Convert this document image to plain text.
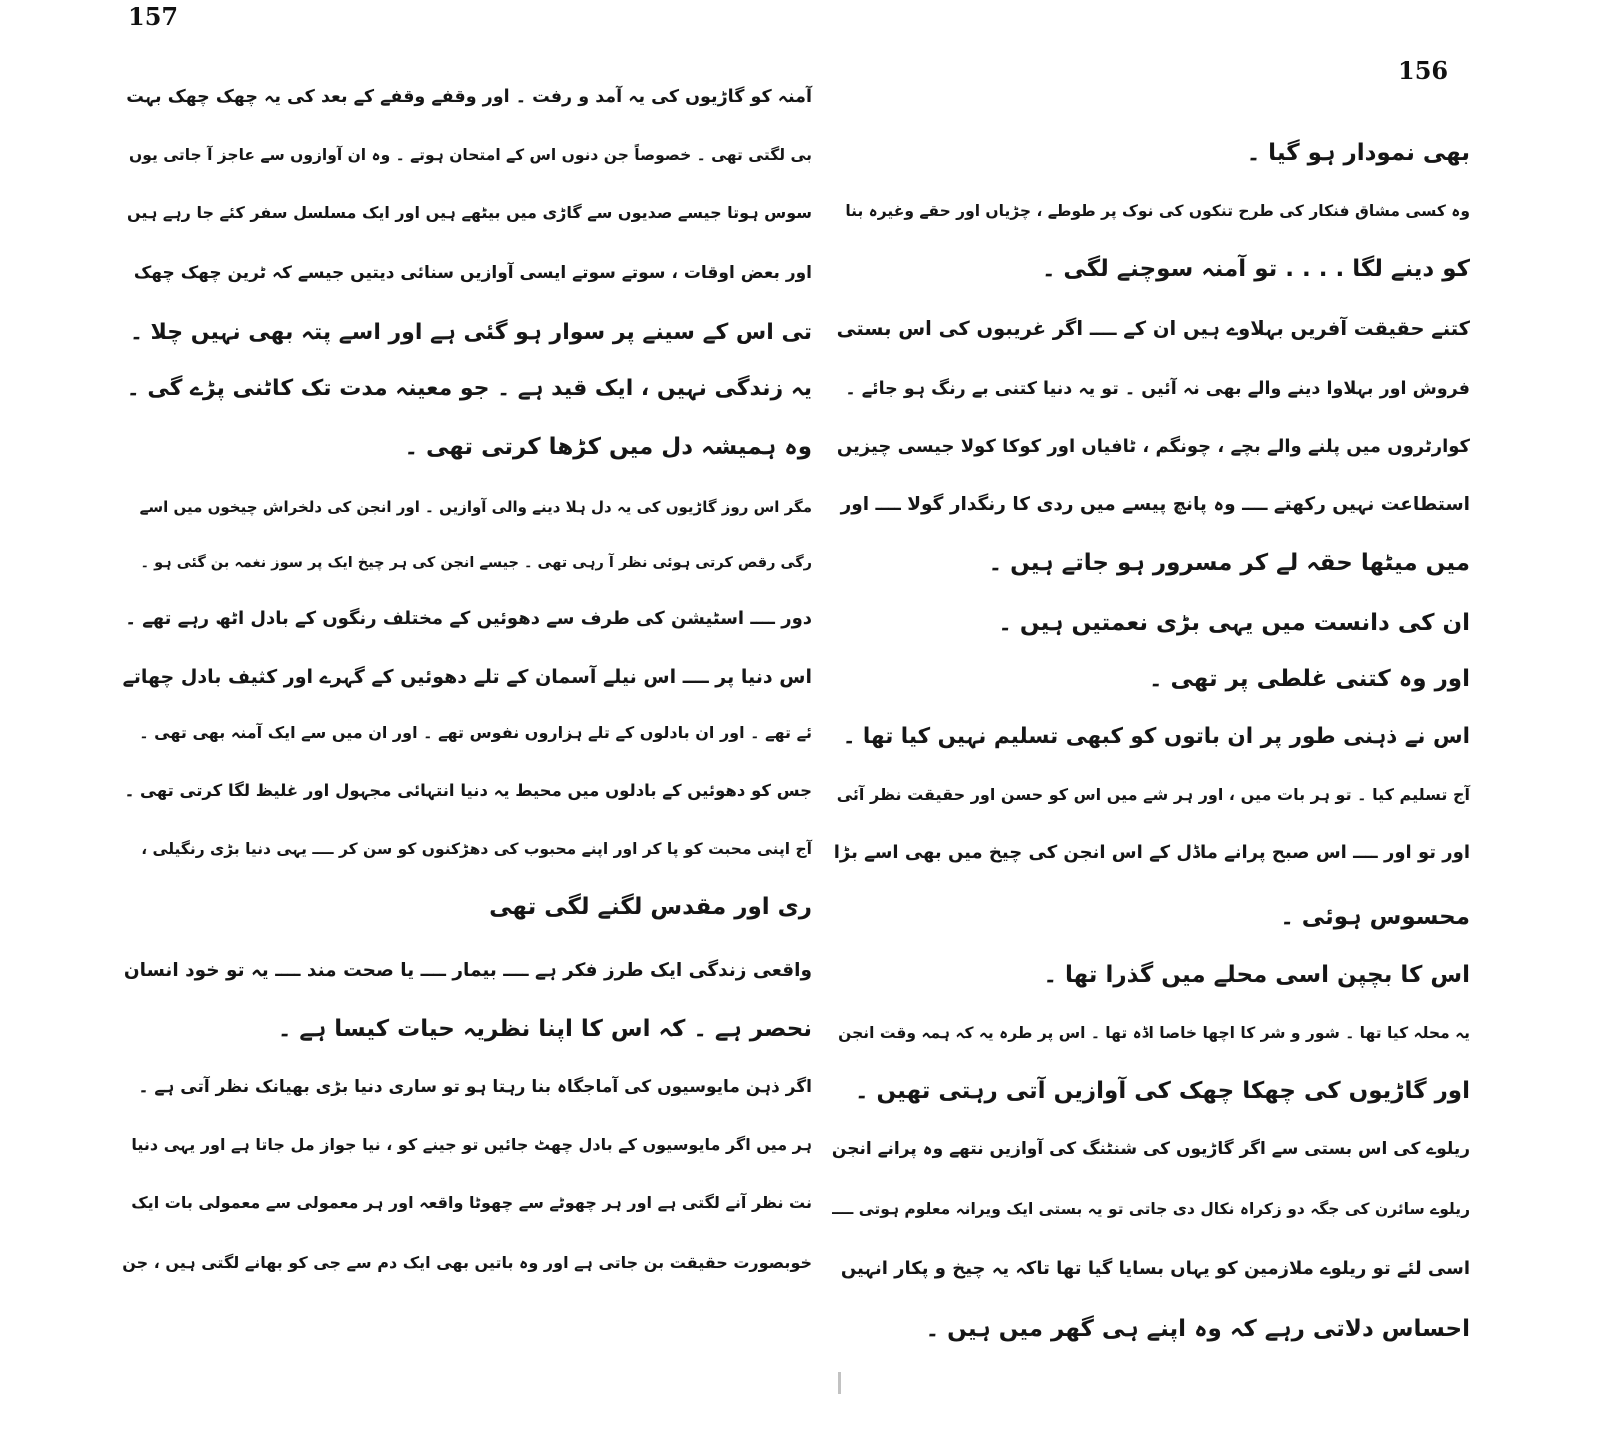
157
156
آمنہ کو گاڑیوں کی یہ آمد و رفت ۔ اور وقفے وقفے کے بعد کی یہ چھک چھک بہت
بی لگتی تھی ۔ خصوصاً جن دنوں اس کے امتحان ہوتے ۔ وہ ان آوازوں سے عاجز آ جاتی یوں
سوس ہوتا جیسے صدیوں سے گاڑی میں بیٹھے ہیں اور ایک مسلسل سفر کئے جا رہے ہیں
اور بعض اوقات ، سوتے سوتے ایسی آوازیں سنائی دیتیں جیسے کہ ٹرین چھک چھک
تی اس کے سینے پر سوار ہو گئی ہے اور اسے پتہ بھی نہیں چلا ۔
یہ زندگی نہیں ، ایک قید ہے ۔ جو معینہ مدت تک کاٹنی پڑے گی ۔
وہ ہمیشہ دل میں کڑھا کرتی تھی ۔
مگر اس روز گاڑیوں کی یہ دل ہلا دینے والی آوازیں ۔ اور انجن کی دلخراش چیخوں میں اسے
رگی رقص کرتی ہوئی نظر آ رہی تھی ۔ جیسے انجن کی ہر چیخ ایک پر سوز نغمہ بن گئی ہو ۔
دور ــــ اسٹیشن کی طرف سے دھوئیں کے مختلف رنگوں کے بادل اٹھ رہے تھے ۔
اس دنیا پر ــــ اس نیلے آسمان کے تلے دھوئیں کے گہرے اور کثیف بادل چھاتے
ئے تھے ۔ اور ان بادلوں کے تلے ہزاروں نفوس تھے ۔ اور ان میں سے ایک آمنہ بھی تھی ۔
جس کو دھوئیں کے بادلوں میں محیط یہ دنیا انتہائی مجہول اور غلیظ لگا کرتی تھی ۔
آج اپنی محبت کو پا کر اور اپنے محبوب کی دھڑکنوں کو سن کر ــــ یہی دنیا بڑی رنگیلی ،
ری اور مقدس لگنے لگی تھی
واقعی زندگی ایک طرز فکر ہے ــــ بیمار ــــ یا صحت مند ــــ یہ تو خود انسان
نحصر ہے ۔ کہ اس کا اپنا نظریہ حیات کیسا ہے ۔
اگر ذہن مایوسیوں کی آماجگاہ بنا رہتا ہو تو ساری دنیا بڑی بھیانک نظر آتی ہے ۔
ہر میں اگر مایوسیوں کے بادل چھٹ جائیں تو جینے کو ، نیا جواز مل جاتا ہے اور یہی دنیا
نت نظر آنے لگتی ہے اور ہر چھوٹے سے چھوٹا واقعہ اور ہر معمولی سے معمولی بات ایک
خوبصورت حقیقت بن جاتی ہے اور وہ باتیں بھی ایک دم سے جی کو بھانے لگتی ہیں ، جن
بھی نمودار ہو گیا ۔
وہ کسی مشاق فنکار کی طرح تنکوں کی نوک پر طوطے ، چڑیاں اور حقے وغیرہ بنا
کو دینے لگا . . . . تو آمنہ سوچنے لگی ۔
کتنے حقیقت آفریں بہلاوے ہیں ان کے ــــ اگر غریبوں کی اس بستی
فروش اور بہلاوا دینے والے بھی نہ آئیں ۔ تو یہ دنیا کتنی بے رنگ ہو جائے ۔
کوارٹروں میں پلنے والے بچے ، چونگم ، ٹافیاں اور کوکا کولا جیسی چیزیں
استطاعت نہیں رکھتے ــــ وہ پانچ پیسے میں ردی کا رنگدار گولا ــــ اور
میں میٹھا حقہ لے کر مسرور ہو جاتے ہیں ۔
ان کی دانست میں یہی بڑی نعمتیں ہیں ۔
اور وہ کتنی غلطی پر تھی ۔
اس نے ذہنی طور پر ان باتوں کو کبھی تسلیم نہیں کیا تھا ۔
آج تسلیم کیا ۔ تو ہر بات میں ، اور ہر شے میں اس کو حسن اور حقیقت نظر آئی
اور تو اور ــــ اس صبح پرانے ماڈل کے اس انجن کی چیخ میں بھی اسے بڑا
محسوس ہوئی ۔
اس کا بچپن اسی محلے میں گذرا تھا ۔
یہ محلہ کیا تھا ۔ شور و شر کا اچھا خاصا اڈہ تھا ۔ اس پر طرہ یہ کہ ہمہ وقت انجن
اور گاڑیوں کی چھکا چھک کی آوازیں آتی رہتی تھیں ۔
ریلوے کی اس بستی سے اگر گاڑیوں کی شنٹنگ کی آوازیں نتھے وہ پرانے انجن
ریلوے سائرن کی جگہ دو زکراہ نکال دی جاتی تو یہ بستی ایک ویرانہ معلوم ہوتی ــــ
اسی لئے تو ریلوے ملازمین کو یہاں بسایا گیا تھا تاکہ یہ چیخ و پکار انہیں
احساس دلاتی رہے کہ وہ اپنے ہی گھر میں ہیں ۔
